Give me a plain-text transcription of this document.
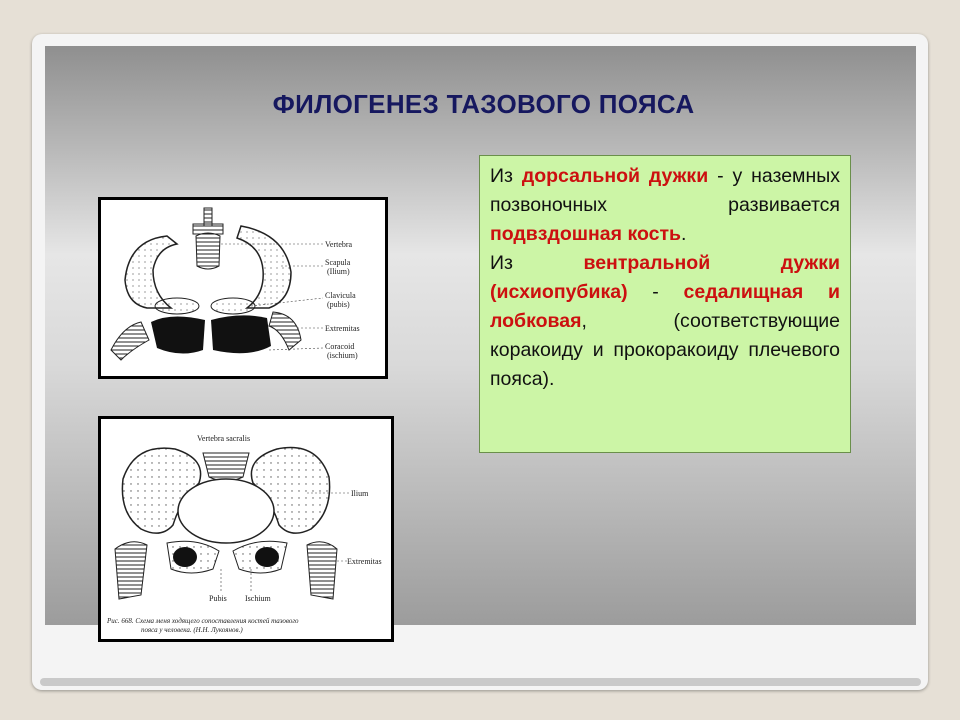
ФИЛОГЕНЕЗ ТАЗОВОГО ПОЯСА

Из дорсальной дужки - у наземных позвоночных развивается подвздошная кость.

Из вентральной дужки (исхиопубика) - седалищная и лобковая, (соответствующие коракоиду и прокоракоиду плечевого пояса).

Vertebra
Scapula
(Ilium)
Clavicula
(pubis)
Extremitas
Coracoid
(ischium)
Vertebra sacralis
Ilium
Extremitas
Pubis Ischium
Рис. 668. Схема меня ходящего сопоставления костей тазового
пояса у человека. (Н.Н. Лукоянов.)
